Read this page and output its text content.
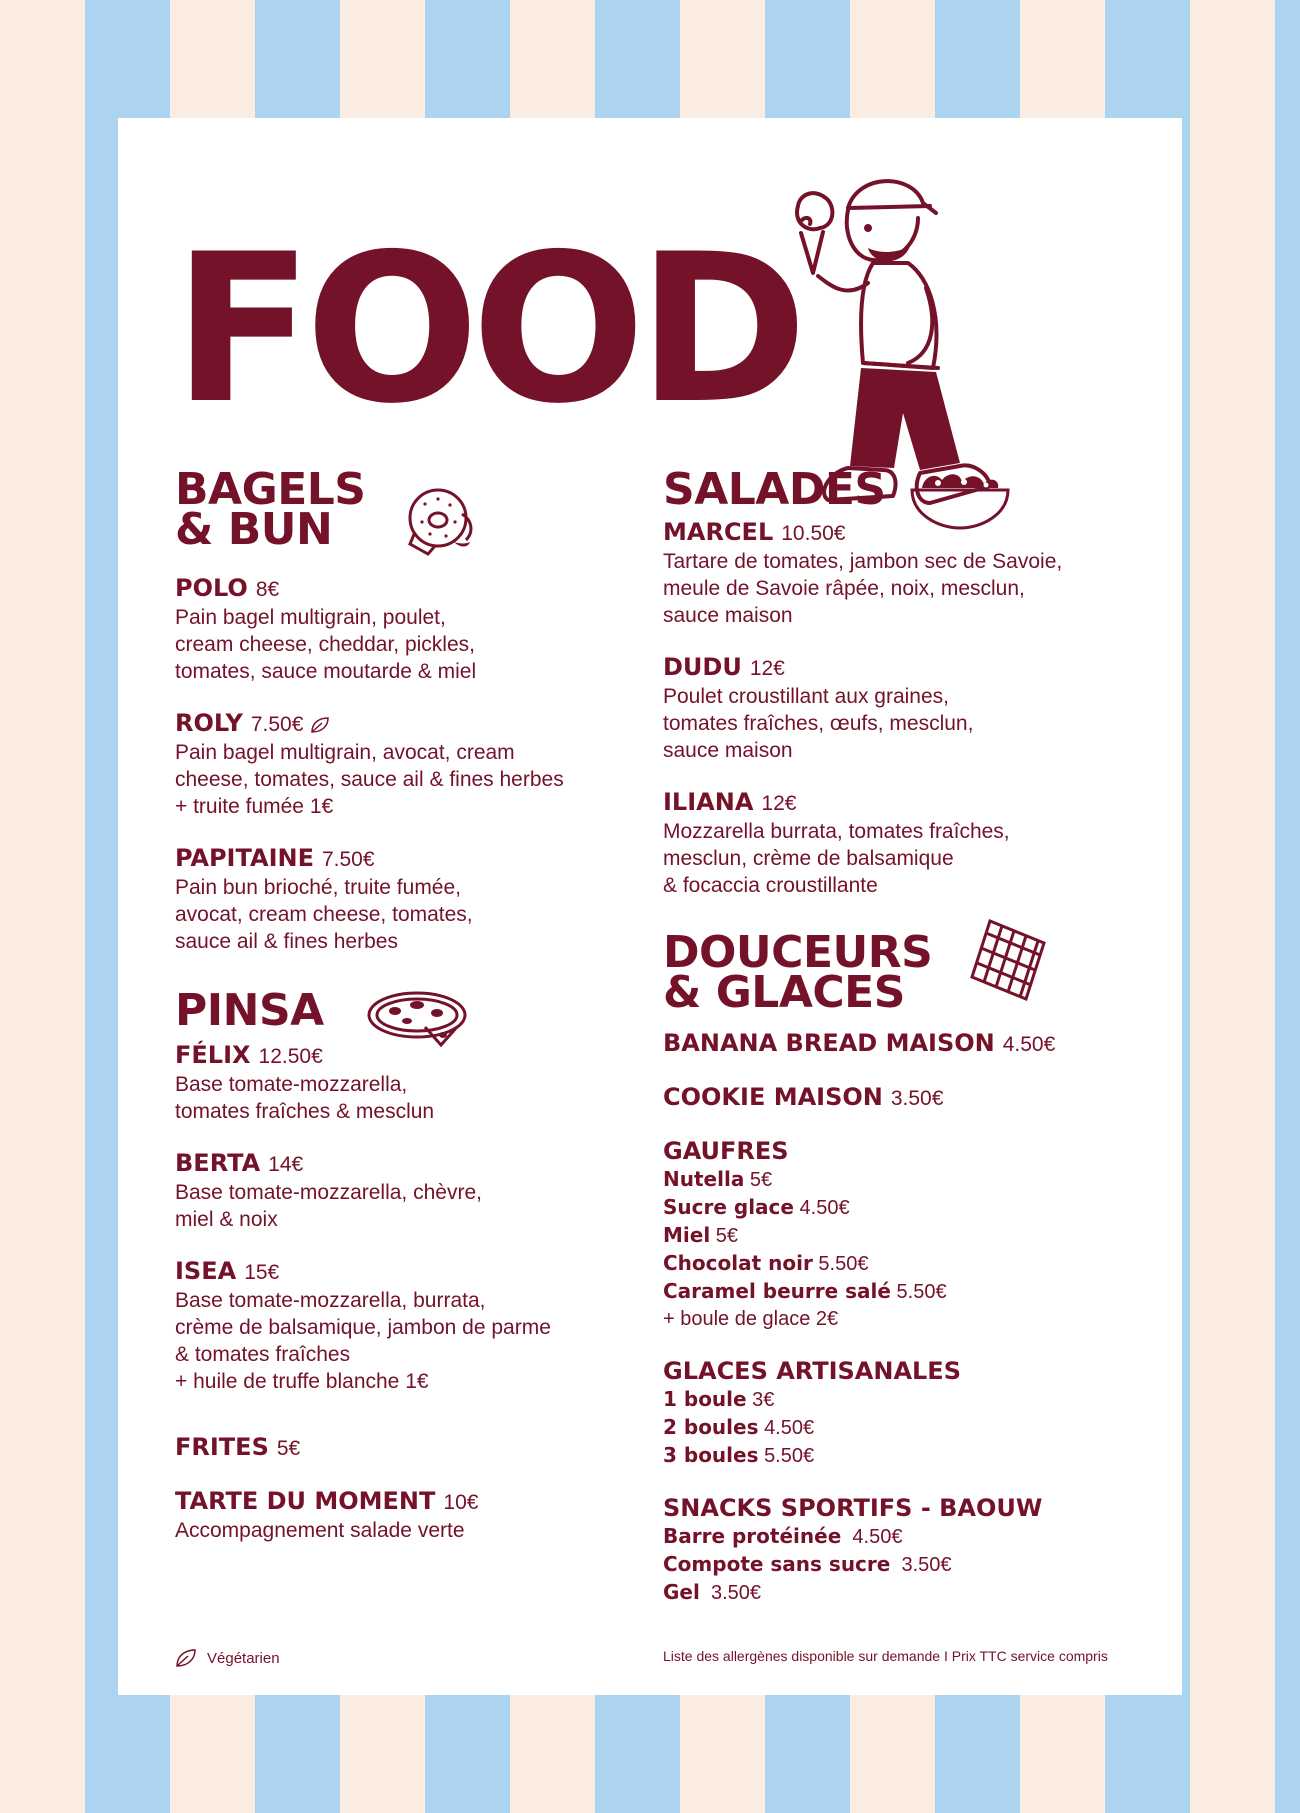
FOOD
BAGELS
& BUN
POLO 8€
Pain bagel multigrain, poulet,
cream cheese, cheddar, pickles,
tomates, sauce moutarde & miel
ROLY 7.50€
Pain bagel multigrain, avocat, cream
cheese, tomates, sauce ail & fines herbes
+ truite fumée 1€
PAPITAINE 7.50€
Pain bun brioché, truite fumée,
avocat, cream cheese, tomates,
sauce ail & fines herbes
PINSA
FÉLIX 12.50€
Base tomate-mozzarella,
tomates fraîches & mesclun
BERTA 14€
Base tomate-mozzarella, chèvre,
miel & noix
ISEA 15€
Base tomate-mozzarella, burrata,
crème de balsamique, jambon de parme
& tomates fraîches
+ huile de truffe blanche 1€
FRITES 5€
TARTE DU MOMENT 10€
Accompagnement salade verte
SALADES
MARCEL 10.50€
Tartare de tomates, jambon sec de Savoie,
meule de Savoie râpée, noix, mesclun,
sauce maison
DUDU 12€
Poulet croustillant aux graines,
tomates fraîches, œufs, mesclun,
sauce maison
ILIANA 12€
Mozzarella burrata, tomates fraîches,
mesclun, crème de balsamique
& focaccia croustillante
DOUCEURS
& GLACES
BANANA BREAD MAISON 4.50€
COOKIE MAISON 3.50€
GAUFRES
Nutella 5€
Sucre glace 4.50€
Miel 5€
Chocolat noir 5.50€
Caramel beurre salé 5.50€
+ boule de glace 2€
GLACES ARTISANALES
1 boule 3€
2 boules 4.50€
3 boules 5.50€
SNACKS SPORTIFS - BAOUW
Barre protéinée 4.50€
Compote sans sucre 3.50€
Gel 3.50€
Végétarien	Liste des allergènes disponible sur demande I Prix TTC service compris
